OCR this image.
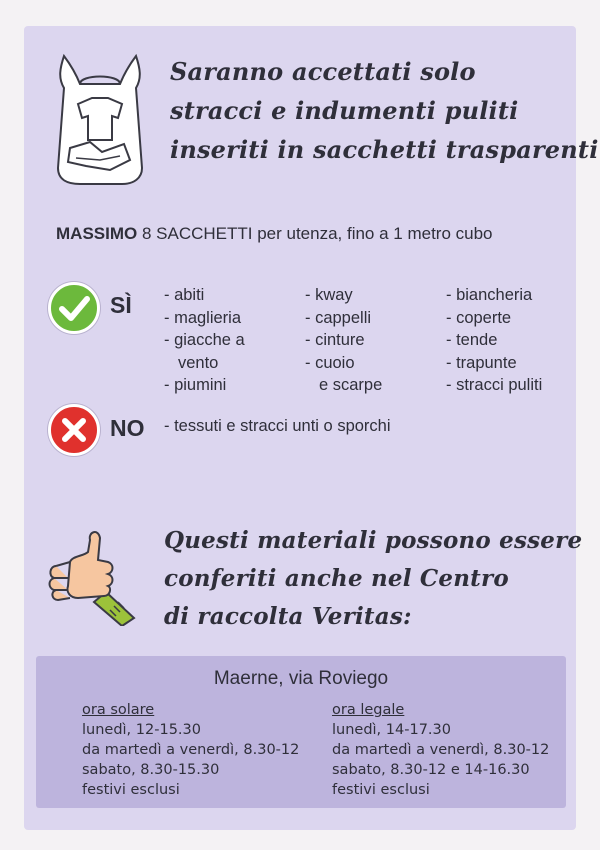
Saranno accettati solo
stracci e indumenti puliti
inseriti in sacchetti trasparenti
MASSIMO 8 SACCHETTI per utenza, fino a 1 metro cubo
SÌ - abiti
- maglieria
- giacche a
vento
- piumini
- kway
- cappelli
- cinture
- cuoio
e scarpe
- biancheria
- coperte
- tende
- trapunte
- stracci puliti
NO - tessuti e stracci unti o sporchi
Questi materiali possono essere
conferiti anche nel Centro
di raccolta Veritas:
Maerne, via Roviego
ora solare
lunedì, 12-15.30
da martedì a venerdì, 8.30-12
sabato, 8.30-15.30
festivi esclusi
ora legale
lunedì, 14-17.30
da martedì a venerdì, 8.30-12
sabato, 8.30-12 e 14-16.30
festivi esclusi
